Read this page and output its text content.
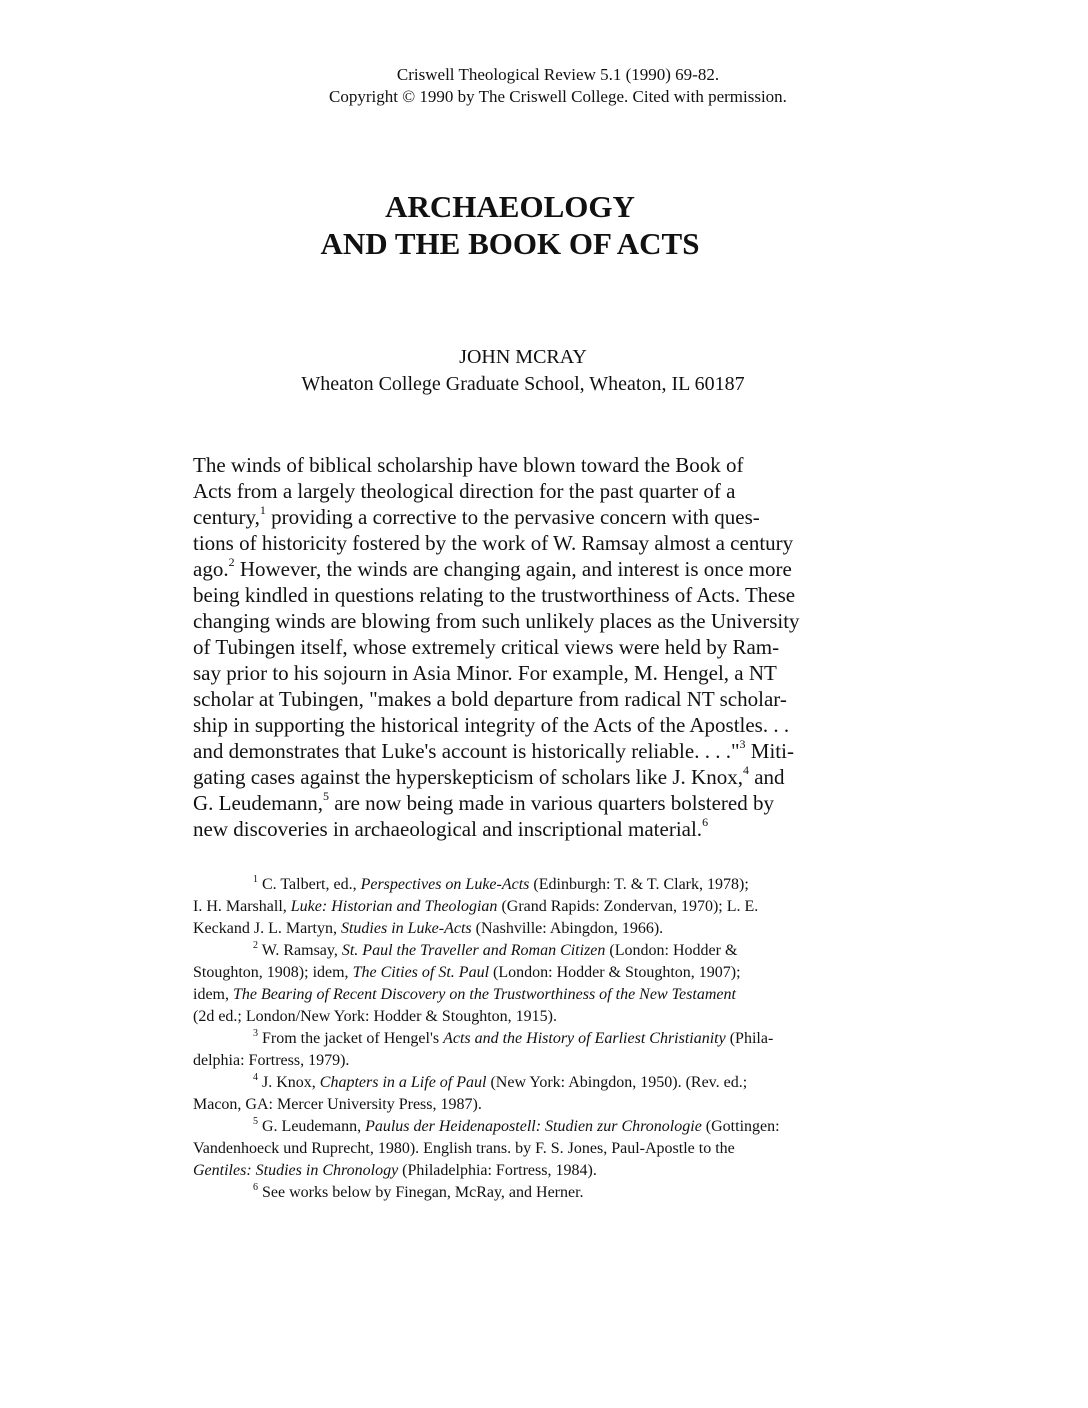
Criswell Theological Review 5.1 (1990) 69-82.
Copyright © 1990 by The Criswell College. Cited with permission.
ARCHAEOLOGY
AND THE BOOK OF ACTS
JOHN MCRAY
Wheaton College Graduate School, Wheaton, IL 60187
The winds of biblical scholarship have blown toward the Book of
Acts from a largely theological direction for the past quarter of a
century,$^1$ providing a corrective to the pervasive concern with ques-
tions of historicity fostered by the work of W. Ramsay almost a century
ago.$^2$ However, the winds are changing again, and interest is once more
being kindled in questions relating to the trustworthiness of Acts. These
changing winds are blowing from such unlikely places as the University
of Tubingen itself, whose extremely critical views were held by Ram-
say prior to his sojourn in Asia Minor. For example, M. Hengel, a NT
scholar at Tubingen, "makes a bold departure from radical NT scholar-
ship in supporting the historical integrity of the Acts of the Apostles. . .
and demonstrates that Luke's account is historically reliable. . . ."$^3$ Miti-
gating cases against the hyperskepticism of scholars like J. Knox,$^4$ and
G. Leudemann,$^5$ are now being made in various quarters bolstered by
new discoveries in archaeological and inscriptional material.$^6$
$^1$ C. Talbert, ed., Perspectives on Luke-Acts (Edinburgh: T. & T. Clark, 1978);
I. H. Marshall, Luke: Historian and Theologian (Grand Rapids: Zondervan, 1970); L. E.
Keckand J. L. Martyn, Studies in Luke-Acts (Nashville: Abingdon, 1966).
$^2$ W. Ramsay, St. Paul the Traveller and Roman Citizen (London: Hodder &
Stoughton, 1908); idem, The Cities of St. Paul (London: Hodder & Stoughton, 1907);
idem, The Bearing of Recent Discovery on the Trustworthiness of the New Testament
(2d ed.; London/New York: Hodder & Stoughton, 1915).
$^3$ From the jacket of Hengel's Acts and the History of Earliest Christianity (Phila-
delphia: Fortress, 1979).
$^4$ J. Knox, Chapters in a Life of Paul (New York: Abingdon, 1950). (Rev. ed.;
Macon, GA: Mercer University Press, 1987).
$^5$ G. Leudemann, Paulus der Heidenapostell: Studien zur Chronologie (Gottingen:
Vandenhoeck und Ruprecht, 1980). English trans. by F. S. Jones, Paul-Apostle to the
Gentiles: Studies in Chronology (Philadelphia: Fortress, 1984).
$^6$ See works below by Finegan, McRay, and Herner.
